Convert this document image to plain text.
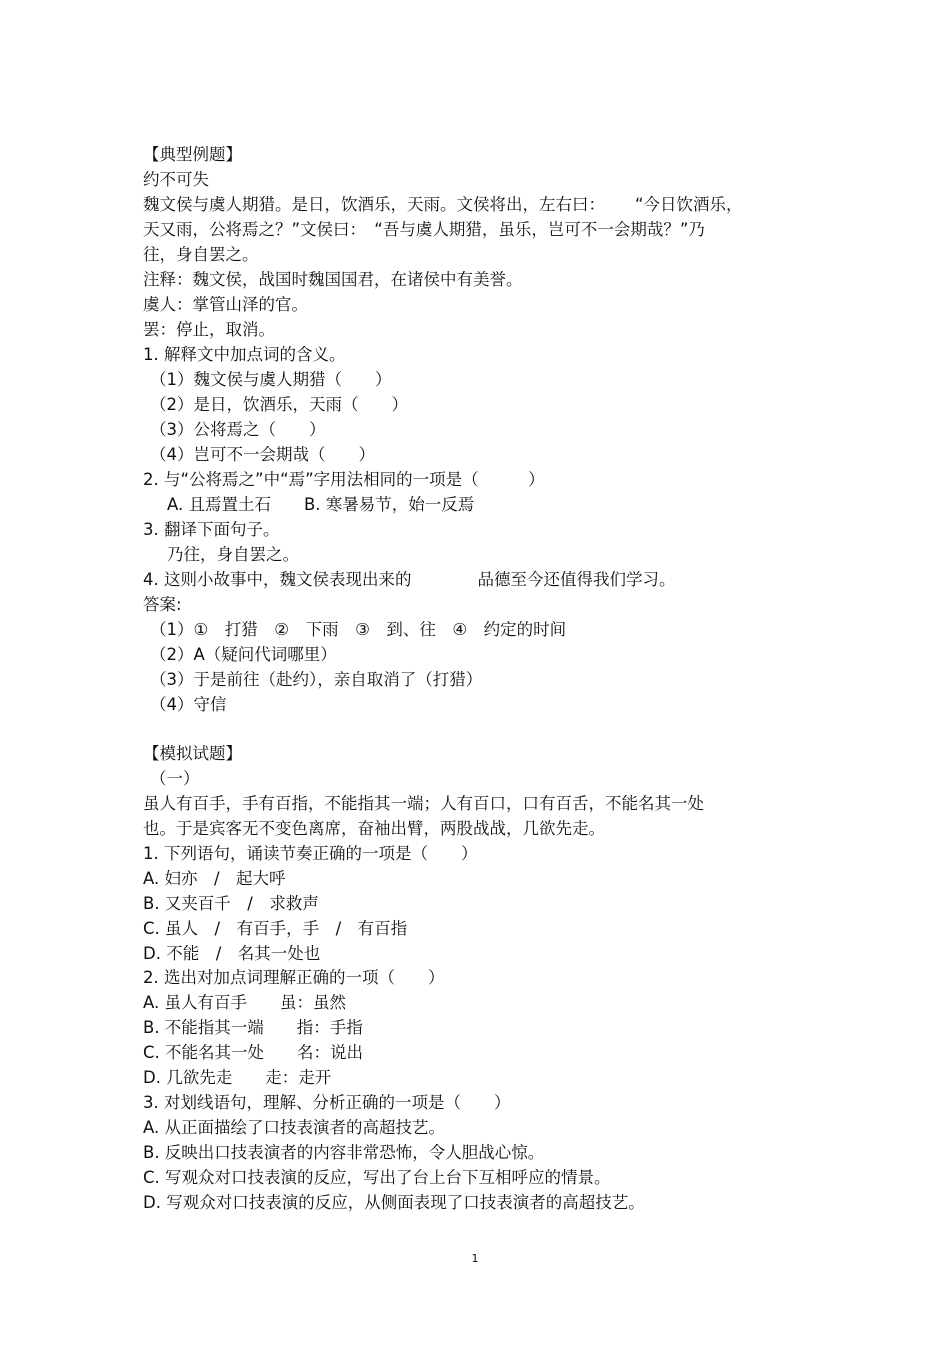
【典型例题】
约不可失
魏文侯与虞人期猎。是日，饮酒乐，天雨。文侯将出，左右曰：　　 “今日饮酒乐，
天又雨，公将焉之？”文侯曰：　“吾与虞人期猎，虽乐，岂可不一会期哉？”乃
往，身自罢之。
注释：魏文侯，战国时魏国国君，在诸侯中有美誉。
虞人：掌管山泽的官。
罢：停止，取消。
1. 解释文中加点词的含义。
（1）魏文侯与虞人期猎（　　）
（2）是日，饮酒乐，天雨（　　）
（3）公将焉之（　　）
（4）岂可不一会期哉（　　）
2. 与“公将焉之”中“焉”字用法相同的一项是（　　　）
A. 且焉置土石　　B. 寒暑易节，始一反焉
3. 翻译下面句子。
乃往，身自罢之。
4. 这则小故事中，魏文侯表现出来的　　　　品德至今还值得我们学习。
答案:
（1）①　打猎　②　下雨　③　到、往　④　约定的时间
（2）A（疑问代词哪里）
（3）于是前往（赴约），亲自取消了（打猎）
（4）守信
【模拟试题】
（一）
虽人有百手，手有百指，不能指其一端；人有百口，口有百舌，不能名其一处
也。于是宾客无不变色离席，奋袖出臂，两股战战，几欲先走。
1. 下列语句，诵读节奏正确的一项是（　　）
A. 妇亦　/　起大呼
B. 又夹百千　/　求救声
C. 虽人　/　有百手，手　/　有百指
D. 不能　/　名其一处也
2. 选出对加点词理解正确的一项（　　）
A. 虽人有百手　　虽：虽然
B. 不能指其一端　　指：手指
C. 不能名其一处　　名：说出
D. 几欲先走　　走：走开
3. 对划线语句，理解、分析正确的一项是（　　）
A. 从正面描绘了口技表演者的高超技艺。
B. 反映出口技表演者的内容非常恐怖，令人胆战心惊。
C. 写观众对口技表演的反应，写出了台上台下互相呼应的情景。
D. 写观众对口技表演的反应，从侧面表现了口技表演者的高超技艺。
1
